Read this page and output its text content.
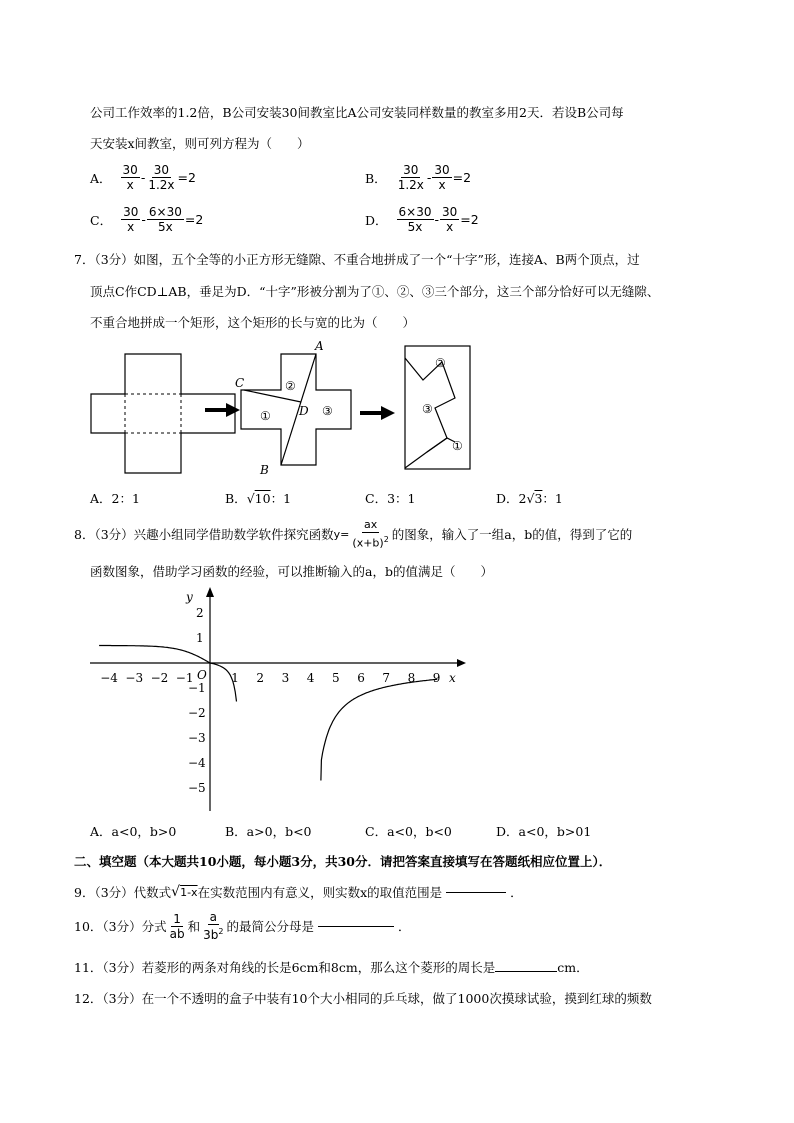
公司工作效率的1.2倍，B公司安装30间教室比A公司安装同样数量的教室多用2天．若设B公司每
天安装x间教室，则可列方程为（　　）
A． $\frac{30}{x} - \frac{30}{1.2x} =2$	B． $\frac{30}{1.2x} - \frac{30}{x} =2$
C． $\frac{30}{x} - \frac{6\times 30}{5x} =2$	D． $\frac{6\times 30}{5x} - \frac{30}{x} =2$
7．（3分）如图，五个全等的小正方形无缝隙、不重合地拼成了一个“十字”形，连接A、B两个顶点，过
顶点C作CD⊥AB，垂足为D．“十字”形被分割为了①、②、③三个部分，这三个部分恰好可以无缝隙、
不重合地拼成一个矩形，这个矩形的长与宽的比为（　　）
A
B
C
D
①
②
③
②
③
①
A．2：1	B．√10：1	C．3：1	D．2√3：1
8．（3分）兴趣小组同学借助数学软件探究函数 $y= \frac{ax}{(x+b)^2}$ 的图象，输入了一组a，b的值，得到了它的
函数图象，借助学习函数的经验，可以推断输入的a，b的值满足（　　）
y
x
O
−4 −3 −2 −1	1 2 3 4 5 6 7 8 9
2
1
−1
−2
−3
−4
−5
A．a<0，b>0	B．a>0，b<0	C．a<0，b<0	D．a<0，b>01
二、填空题（本大题共10小题，每小题3分，共30分．请把答案直接填写在答题纸相应位置上）．
9．（3分）代数式 √ 1-x 在实数范围内有意义，则实数x的取值范围是	．
10．（3分）分式 $\frac{1}{ab}$ 和 $\frac{a}{3b^2}$ 的最简公分母是	．
11．（3分）若菱形的两条对角线的长是6cm和8cm，那么这个菱形的周长是	cm．
12．（3分）在一个不透明的盒子中装有10个大小相同的乒乓球，做了1000次摸球试验，摸到红球的频数
